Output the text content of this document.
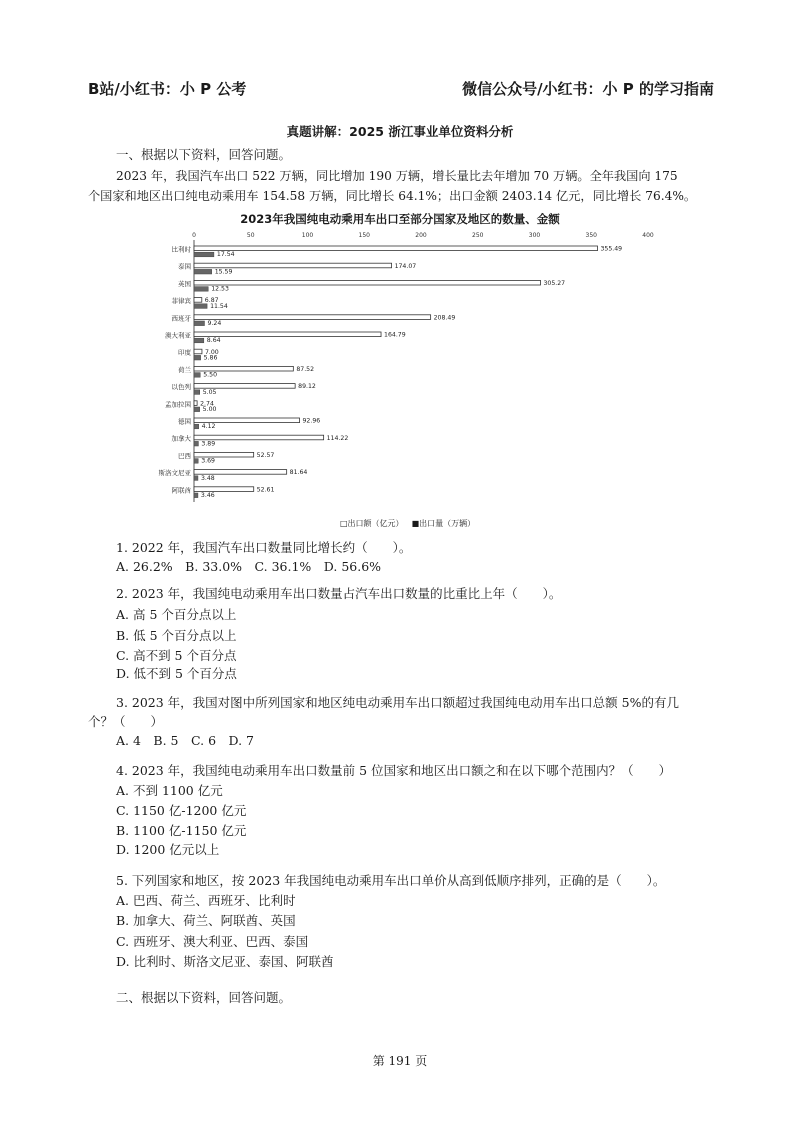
B站/小红书：小 P 公考	微信公众号/小红书：小 P 的学习指南
真题讲解：2025 浙江事业单位资料分析
一、根据以下资料，回答问题。
2023 年，我国汽车出口 522 万辆，同比增加 190 万辆，增长量比去年增加 70 万辆。全年我国向 175
个国家和地区出口纯电动乘用车 154.58 万辆，同比增长 64.1%；出口金额 2403.14 亿元，同比增长 76.4%。
2023年我国纯电动乘用车出口至部分国家及地区的数量、金额
0	50	100	150	200	250	300	350	400
比利时
泰国
英国
菲律宾
西班牙
澳大利亚
印度
荷兰
以色列
孟加拉国
德国
加拿大
巴西
斯洛文尼亚
阿联酋
355.49
17.54
174.07
15.59
305.27
12.53
6.87
11.54
208.49
9.24
164.79
8.64
7.00
5.86
87.52
5.50
89.12
5.05
2.74
5.00
92.96
4.12
114.22
3.89
52.57
3.69
81.64
3.48
52.61
3.46
□出口额（亿元） ■出口量（万辆）
1. 2022 年，我国汽车出口数量同比增长约（　　）。
A. 26.2%　B. 33.0%　C. 36.1%　D. 56.6%
2. 2023 年，我国纯电动乘用车出口数量占汽车出口数量的比重比上年（　　）。
A. 高 5 个百分点以上
B. 低 5 个百分点以上
C. 高不到 5 个百分点
D. 低不到 5 个百分点
3. 2023 年，我国对图中所列国家和地区纯电动乘用车出口额超过我国纯电动用车出口总额 5%的有几
个？（　　）
A. 4　B. 5　C. 6　D. 7
4. 2023 年，我国纯电动乘用车出口数量前 5 位国家和地区出口额之和在以下哪个范围内？（　　）
A. 不到 1100 亿元
C. 1150 亿-1200 亿元
B. 1100 亿-1150 亿元
D. 1200 亿元以上
5. 下列国家和地区，按 2023 年我国纯电动乘用车出口单价从高到低顺序排列，正确的是（　　）。
A. 巴西、荷兰、西班牙、比利时
B. 加拿大、荷兰、阿联酋、英国
C. 西班牙、澳大利亚、巴西、泰国
D. 比利时、斯洛文尼亚、泰国、阿联酋
二、根据以下资料，回答问题。
第 191 页
